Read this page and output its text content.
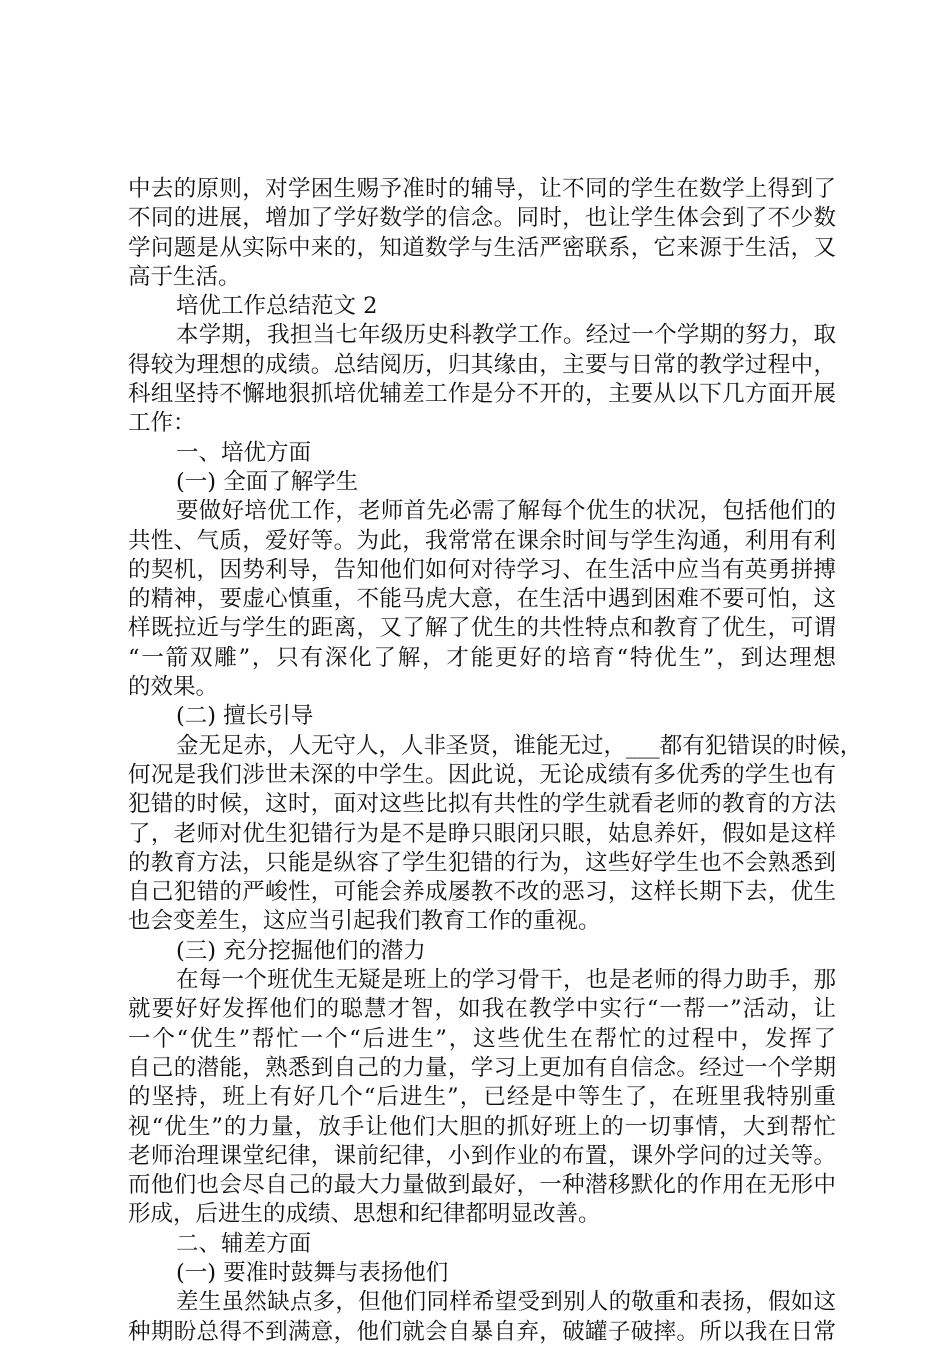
中去的原则，对学困生赐予准时的辅导，让不同的学生在数学上得到了
不同的进展，增加了学好数学的信念。同时，也让学生体会到了不少数
学问题是从实际中来的，知道数学与生活严密联系，它来源于生活，又
高于生活。
培优工作总结范文 2
本学期，我担当七年级历史科教学工作。经过一个学期的努力，取
得较为理想的成绩。总结阅历，归其缘由，主要与日常的教学过程中，
科组坚持不懈地狠抓培优辅差工作是分不开的，主要从以下几方面开展
工作：
一、培优方面
(一) 全面了解学生
要做好培优工作，老师首先必需了解每个优生的状况，包括他们的
共性、气质，爱好等。为此，我常常在课余时间与学生沟通，利用有利
的契机，因势利导，告知他们如何对待学习、在生活中应当有英勇拼搏
的精神，要虚心慎重，不能马虎大意，在生活中遇到困难不要可怕，这
样既拉近与学生的距离，又了解了优生的共性特点和教育了优生，可谓
“一箭双雕”，只有深化了解，才能更好的培育“特优生”，到达理想
的效果。
(二) 擅长引导
金无足赤，人无守人，人非圣贤，谁能无过，___都有犯错误的时候，
何况是我们涉世未深的中学生。因此说，无论成绩有多优秀的学生也有
犯错的时候，这时，面对这些比拟有共性的学生就看老师的教育的方法
了，老师对优生犯错行为是不是睁只眼闭只眼，姑息养奸，假如是这样
的教育方法，只能是纵容了学生犯错的行为，这些好学生也不会熟悉到
自己犯错的严峻性，可能会养成屡教不改的恶习，这样长期下去，优生
也会变差生，这应当引起我们教育工作的重视。
(三) 充分挖掘他们的潜力
在每一个班优生无疑是班上的学习骨干，也是老师的得力助手，那
就要好好发挥他们的聪慧才智，如我在教学中实行“一帮一”活动，让
一个“优生”帮忙一个“后进生”，这些优生在帮忙的过程中，发挥了
自己的潜能，熟悉到自己的力量，学习上更加有自信念。经过一个学期
的坚持，班上有好几个“后进生”，已经是中等生了，在班里我特别重
视“优生”的力量，放手让他们大胆的抓好班上的一切事情，大到帮忙
老师治理课堂纪律，课前纪律，小到作业的布置，课外学问的过关等。
而他们也会尽自己的最大力量做到最好，一种潜移默化的作用在无形中
形成，后进生的成绩、思想和纪律都明显改善。
二、辅差方面
(一) 要准时鼓舞与表扬他们
差生虽然缺点多，但他们同样希望受到别人的敬重和表扬，假如这
种期盼总得不到满意，他们就会自暴自弃，破罐子破摔。所以我在日常
